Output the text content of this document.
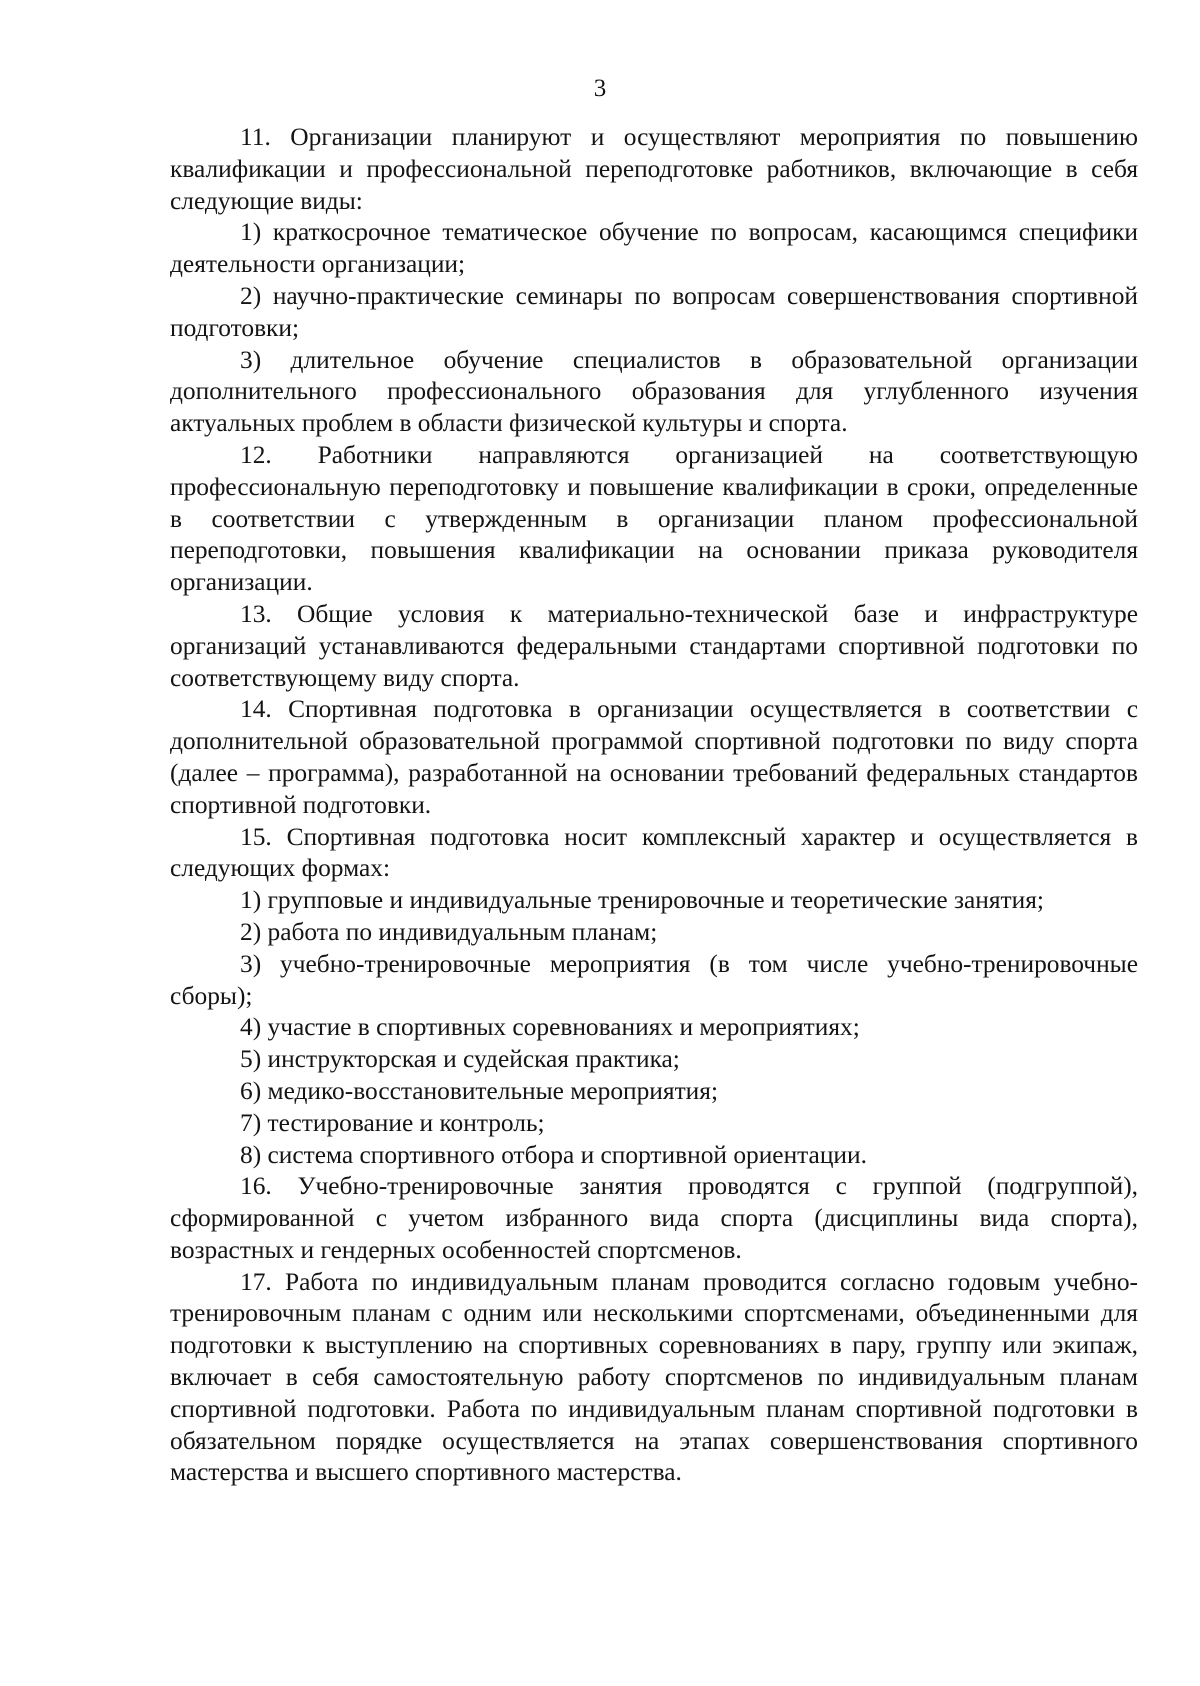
3

11. Организации планируют и осуществляют мероприятия по повышению квалификации и профессиональной переподготовке работников, включающие в себя следующие виды:

1) краткосрочное тематическое обучение по вопросам, касающимся специфики деятельности организации;

2) научно-практические семинары по вопросам совершенствования спортивной подготовки;

3) длительное обучение специалистов в образовательной организации дополнительного профессионального образования для углубленного изучения актуальных проблем в области физической культуры и спорта.

12. Работники направляются организацией на соответствующую профессиональную переподготовку и повышение квалификации в сроки, определенные в соответствии с утвержденным в организации планом профессиональной переподготовки, повышения квалификации на основании приказа руководителя организации.

13. Общие условия к материально-технической базе и инфраструктуре организаций устанавливаются федеральными стандартами спортивной подготовки по соответствующему виду спорта.

14. Спортивная подготовка в организации осуществляется в соответствии с дополнительной образовательной программой спортивной подготовки по виду спорта (далее – программа), разработанной на основании требований федеральных стандартов спортивной подготовки.

15. Спортивная подготовка носит комплексный характер и осуществляется в следующих формах:

1) групповые и индивидуальные тренировочные и теоретические занятия;

2) работа по индивидуальным планам;

3) учебно-тренировочные мероприятия (в том числе учебно-тренировочные сборы);

4) участие в спортивных соревнованиях и мероприятиях;

5) инструкторская и судейская практика;

6) медико-восстановительные мероприятия;

7) тестирование и контроль;

8) система спортивного отбора и спортивной ориентации.

16. Учебно-тренировочные занятия проводятся с группой (подгруппой), сформированной с учетом избранного вида спорта (дисциплины вида спорта), возрастных и гендерных особенностей спортсменов.

17. Работа по индивидуальным планам проводится согласно годовым учебно-тренировочным планам с одним или несколькими спортсменами, объединенными для подготовки к выступлению на спортивных соревнованиях в пару, группу или экипаж, включает в себя самостоятельную работу спортсменов по индивидуальным планам спортивной подготовки. Работа по индивидуальным планам спортивной подготовки в обязательном порядке осуществляется на этапах совершенствования спортивного мастерства и высшего спортивного мастерства.
